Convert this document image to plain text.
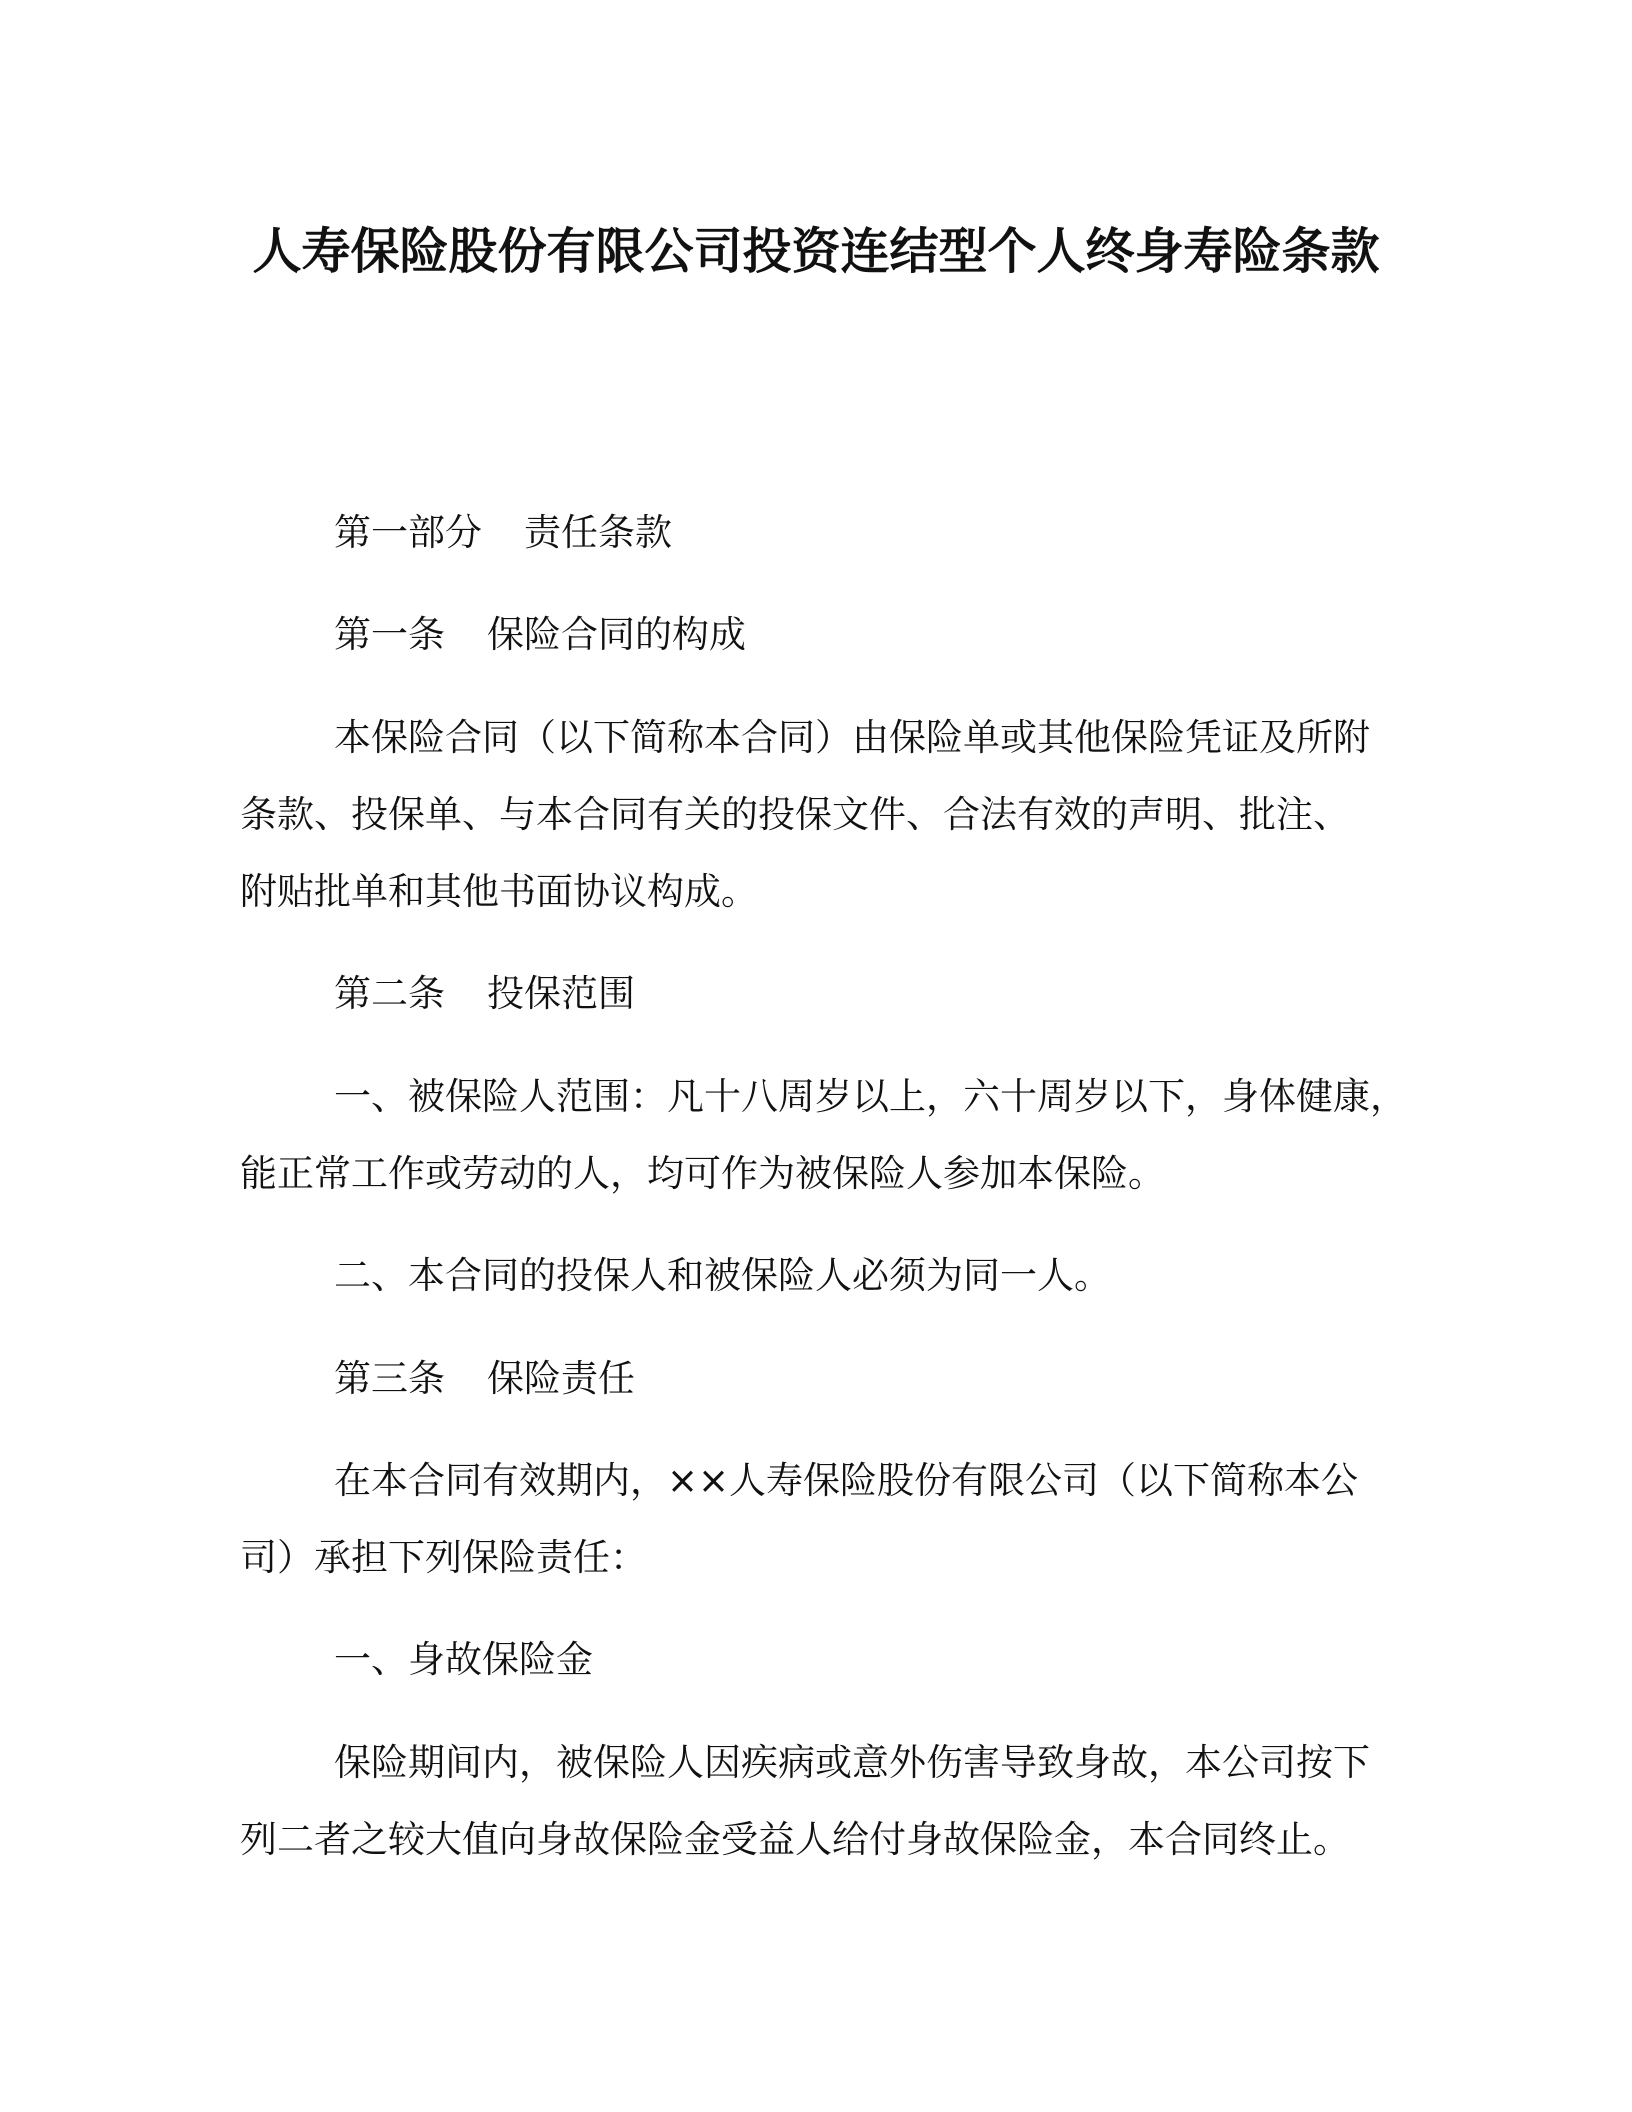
人寿保险股份有限公司投资连结型个人终身寿险条款
第一部分 责任条款
第一条 保险合同的构成
本保险合同（以下简称本合同）由保险单或其他保险凭证及所附
条款、投保单、与本合同有关的投保文件、合法有效的声明、批注、
附贴批单和其他书面协议构成。
第二条 投保范围
一、被保险人范围：凡十八周岁以上，六十周岁以下，身体健康，
能正常工作或劳动的人，均可作为被保险人参加本保险。
二、本合同的投保人和被保险人必须为同一人。
第三条 保险责任
在本合同有效期内，××人寿保险股份有限公司（以下简称本公
司）承担下列保险责任：
一、身故保险金
保险期间内，被保险人因疾病或意外伤害导致身故，本公司按下
列二者之较大值向身故保险金受益人给付身故保险金，本合同终止。
